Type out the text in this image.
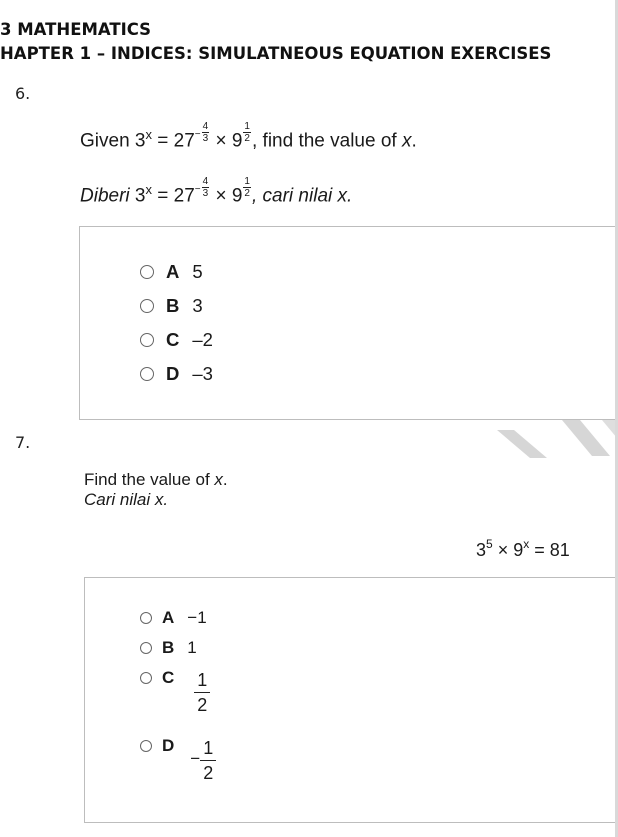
3 MATHEMATICS
HAPTER 1 – INDICES: SIMULATNEOUS EQUATION EXERCISES
6.
Given $3^x = 27- \frac{4}{3} \times 9 \frac{1}{2}$ , find the value of x.
Diberi $3^x = 27- \frac{4}{3} \times 9 \frac{1}{2}$ , cari nilai x.
A 5
B 3
C –2
D –3
7.
Find the value of x.
Cari nilai x.
$3^5 \times 9^x = 81$
A −1
B 1
C $\frac{1}{2}$
D
− $\frac{1}{2}$
